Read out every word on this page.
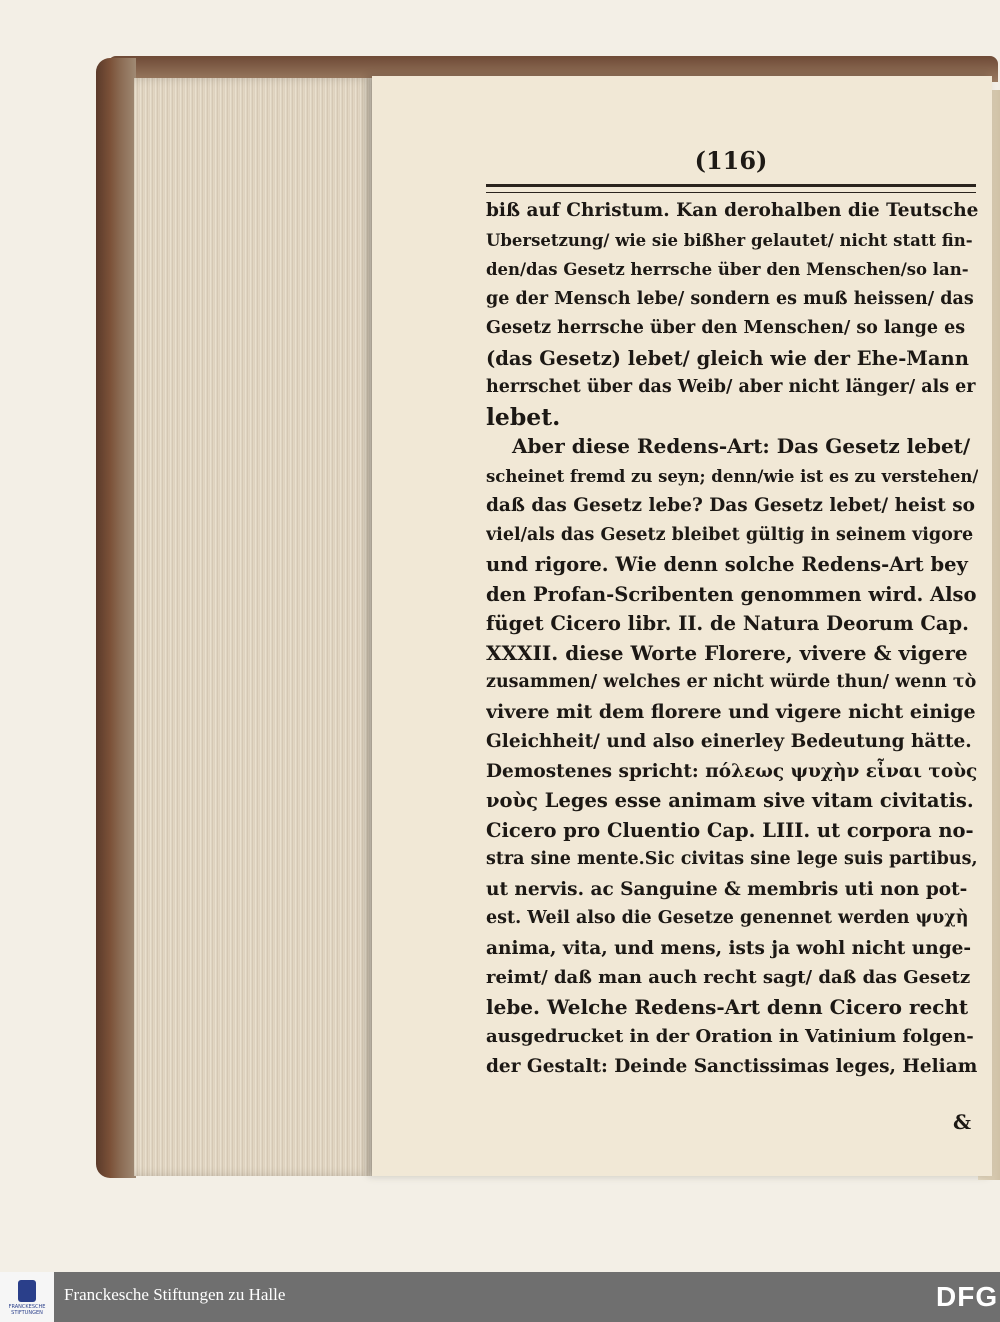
(116)
biß auf Christum. Kan derohalben die Teutsche
Ubersetzung/ wie sie bißher gelautet/ nicht statt fin-
den/das Gesetz herrsche über den Menschen/so lan-
ge der Mensch lebe/ sondern es muß heissen/ das
Gesetz herrsche über den Menschen/ so lange es
(das Gesetz) lebet/ gleich wie der Ehe-Mann
herrschet über das Weib/ aber nicht länger/ als er
lebet.
Aber diese Redens-Art: Das Gesetz lebet/
scheinet fremd zu seyn; denn/wie ist es zu verstehen/
daß das Gesetz lebe? Das Gesetz lebet/ heist so
viel/als das Gesetz bleibet gültig in seinem vigore
und rigore. Wie denn solche Redens-Art bey
den Profan-Scribenten genommen wird. Also
füget Cicero libr. II. de Natura Deorum Cap.
XXXII. diese Worte Florere, vivere & vigere
zusammen/ welches er nicht würde thun/ wenn τὸ
vivere mit dem florere und vigere nicht einige
Gleichheit/ und also einerley Bedeutung hätte.
Demostenes spricht: πόλεως ψυχὴν εἶναι τοὺς
νοὺς Leges esse animam sive vitam civitatis.
Cicero pro Cluentio Cap. LIII. ut corpora no-
stra sine mente.Sic civitas sine lege suis partibus,
ut nervis. ac Sanguine & membris uti non pot-
est. Weil also die Gesetze genennet werden ψυχὴ
anima, vita, und mens, ists ja wohl nicht unge-
reimt/ daß man auch recht sagt/ daß das Gesetz
lebe. Welche Redens-Art denn Cicero recht
ausgedrucket in der Oration in Vatinium folgen-
der Gestalt: Deinde Sanctissimas leges, Heliam
&
FRANCKESCHE STIFTUNGEN
Franckesche Stiftungen zu Halle	DFG
